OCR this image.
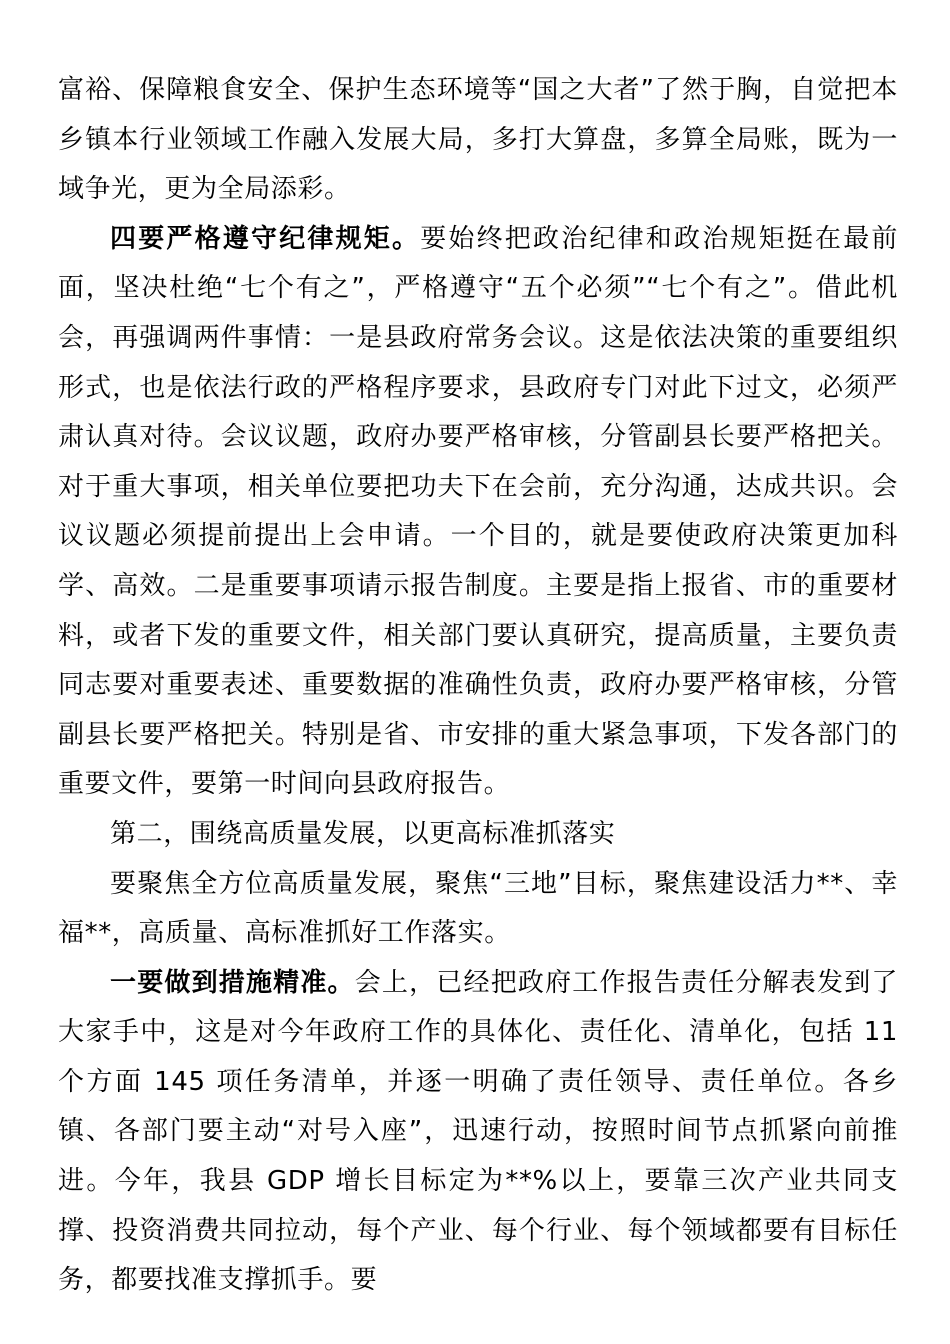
富裕、保障粮食安全、保护生态环境等“国之大者”了然于胸，自觉把本乡镇本行业领域工作融入发展大局，多打大算盘，多算全局账，既为一域争光，更为全局添彩。

四要严格遵守纪律规矩。要始终把政治纪律和政治规矩挺在最前面，坚决杜绝“七个有之”，严格遵守“五个必须”“七个有之”。借此机会，再强调两件事情：一是县政府常务会议。这是依法决策的重要组织形式，也是依法行政的严格程序要求，县政府专门对此下过文，必须严肃认真对待。会议议题，政府办要严格审核，分管副县长要严格把关。对于重大事项，相关单位要把功夫下在会前，充分沟通，达成共识。会议议题必须提前提出上会申请。一个目的，就是要使政府决策更加科学、高效。二是重要事项请示报告制度。主要是指上报省、市的重要材料，或者下发的重要文件，相关部门要认真研究，提高质量，主要负责同志要对重要表述、重要数据的准确性负责，政府办要严格审核，分管副县长要严格把关。特别是省、市安排的重大紧急事项，下发各部门的重要文件，要第一时间向县政府报告。

第二，围绕高质量发展，以更高标准抓落实

要聚焦全方位高质量发展，聚焦“三地”目标，聚焦建设活力**、幸福**，高质量、高标准抓好工作落实。

一要做到措施精准。会上，已经把政府工作报告责任分解表发到了大家手中，这是对今年政府工作的具体化、责任化、清单化，包括 11 个方面 145 项任务清单，并逐一明确了责任领导、责任单位。各乡镇、各部门要主动“对号入座”，迅速行动，按照时间节点抓紧向前推进。今年，我县 GDP 增长目标定为**%以上，要靠三次产业共同支撑、投资消费共同拉动，每个产业、每个行业、每个领域都要有目标任务，都要找准支撑抓手。要
